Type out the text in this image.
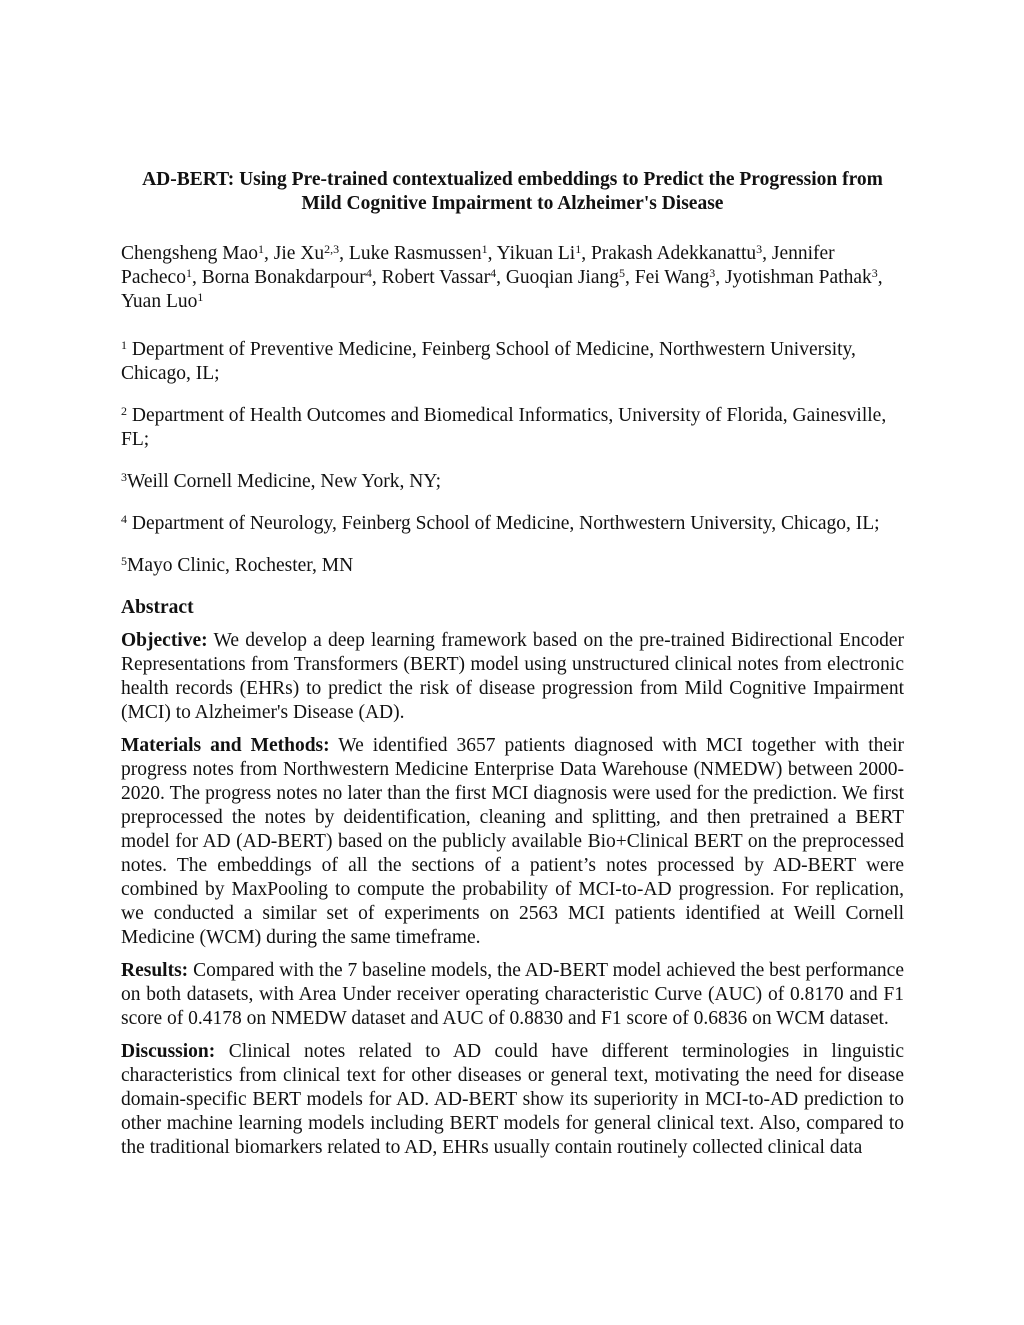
AD-BERT: Using Pre-trained contextualized embeddings to Predict the Progression from
Mild Cognitive Impairment to Alzheimer's Disease
Chengsheng Mao$^1$, Jie Xu$^{2,3}$, Luke Rasmussen$^1$, Yikuan Li$^1$, Prakash Adekkanattu$^3$, Jennifer Pacheco$^1$, Borna Bonakdarpour$^4$, Robert Vassar$^4$, Guoqian Jiang$^5$, Fei Wang$^3$, Jyotishman Pathak$^3$, Yuan Luo$^1$
$^1$ Department of Preventive Medicine, Feinberg School of Medicine, Northwestern University, Chicago, IL;
$^2$ Department of Health Outcomes and Biomedical Informatics, University of Florida, Gainesville, FL;
$^3$Weill Cornell Medicine, New York, NY;
$^4$ Department of Neurology, Feinberg School of Medicine, Northwestern University, Chicago, IL;
$^5$Mayo Clinic, Rochester, MN
Abstract
Objective: We develop a deep learning framework based on the pre-trained Bidirectional Encoder Representations from Transformers (BERT) model using unstructured clinical notes from electronic health records (EHRs) to predict the risk of disease progression from Mild Cognitive Impairment (MCI) to Alzheimer's Disease (AD).
Materials and Methods: We identified 3657 patients diagnosed with MCI together with their progress notes from Northwestern Medicine Enterprise Data Warehouse (NMEDW) between 2000-2020. The progress notes no later than the first MCI diagnosis were used for the prediction. We first preprocessed the notes by deidentification, cleaning and splitting, and then pretrained a BERT model for AD (AD-BERT) based on the publicly available Bio+Clinical BERT on the preprocessed notes. The embeddings of all the sections of a patient’s notes processed by AD-BERT were combined by MaxPooling to compute the probability of MCI-to-AD progression. For replication, we conducted a similar set of experiments on 2563 MCI patients identified at Weill Cornell Medicine (WCM) during the same timeframe.
Results: Compared with the 7 baseline models, the AD-BERT model achieved the best performance on both datasets, with Area Under receiver operating characteristic Curve (AUC) of 0.8170 and F1 score of 0.4178 on NMEDW dataset and AUC of 0.8830 and F1 score of 0.6836 on WCM dataset.
Discussion: Clinical notes related to AD could have different terminologies in linguistic characteristics from clinical text for other diseases or general text, motivating the need for disease domain-specific BERT models for AD. AD-BERT show its superiority in MCI-to-AD prediction to other machine learning models including BERT models for general clinical text. Also, compared to the traditional biomarkers related to AD, EHRs usually contain routinely collected clinical data
